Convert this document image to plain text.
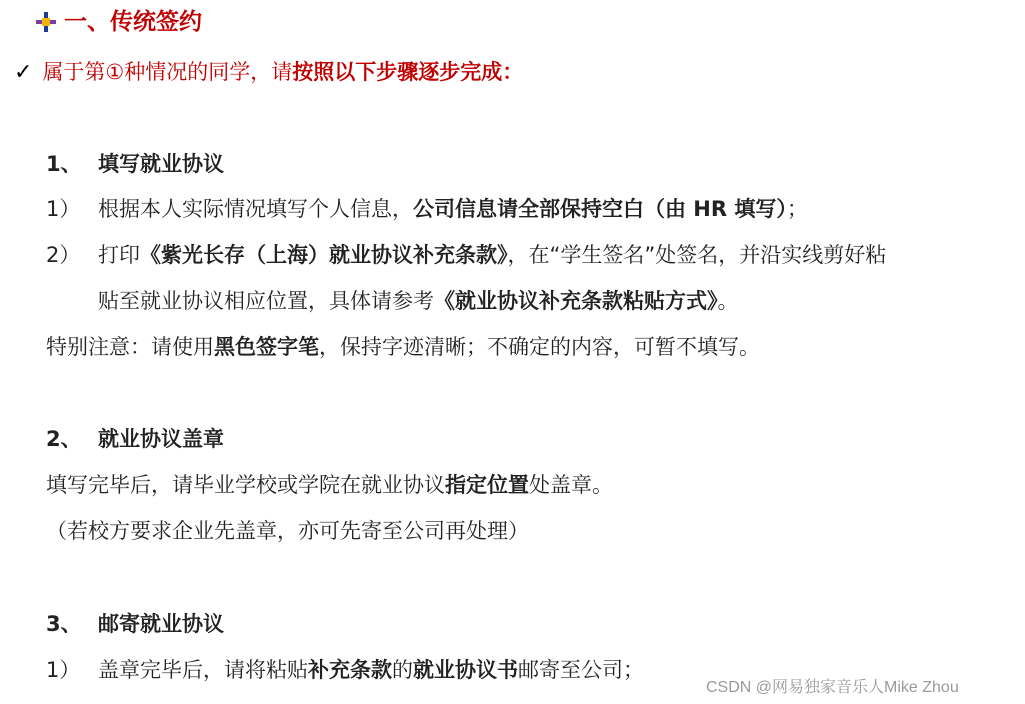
一、传统签约
✓ 属于第①种情况的同学，请按照以下步骤逐步完成：
1、 填写就业协议
1） 根据本人实际情况填写个人信息，公司信息请全部保持空白（由 HR 填写）；
2） 打印《紫光长存（上海）就业协议补充条款》，在“学生签名”处签名，并沿实线剪好粘
贴至就业协议相应位置，具体请参考《就业协议补充条款粘贴方式》。
特别注意：请使用黑色签字笔，保持字迹清晰；不确定的内容，可暂不填写。
2、 就业协议盖章
填写完毕后，请毕业学校或学院在就业协议指定位置处盖章。
（若校方要求企业先盖章，亦可先寄至公司再处理）
3、 邮寄就业协议
1） 盖章完毕后，请将粘贴补充条款的就业协议书邮寄至公司；
CSDN @网易独家音乐人Mike Zhou
